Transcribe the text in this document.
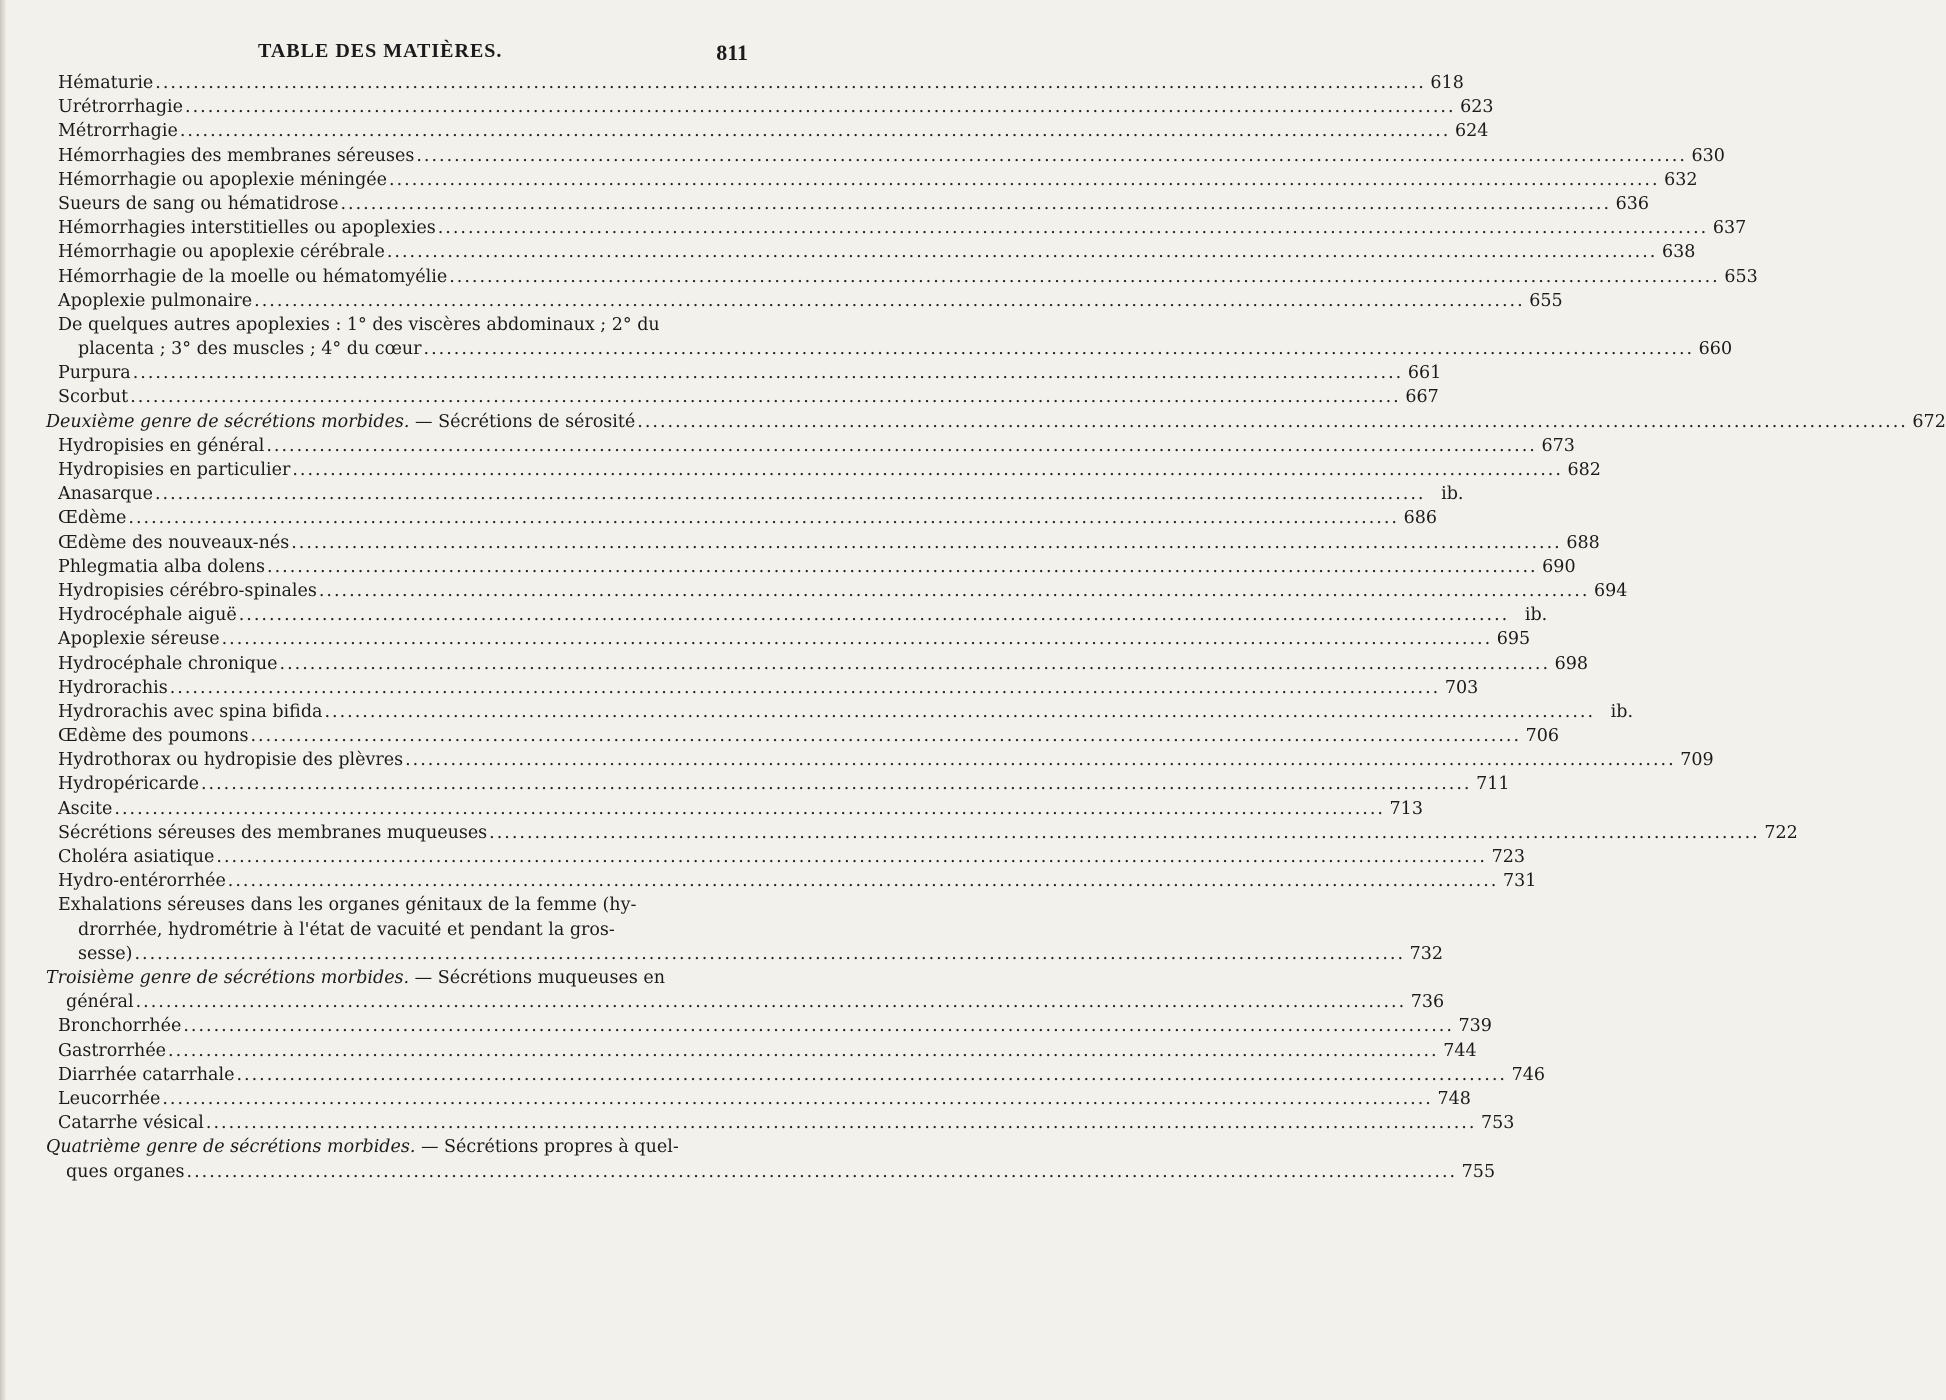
TABLE DES MATIÈRES.	811
Hématurie .....	618
Urétrorrhagie .....	623
Métrorrhagie .....	624
Hémorrhagies des membranes séreuses .....	630
Hémorrhagie ou apoplexie méningée .....	632
Sueurs de sang ou hématidrose .....	636
Hémorrhagies interstitielles ou apoplexies .....	637
Hémorrhagie ou apoplexie cérébrale .....	638
Hémorrhagie de la moelle ou hématomyélie .....	653
Apoplexie pulmonaire .....	655
De quelques autres apoplexies : 1° des viscères abdominaux ; 2° du
placenta ; 3° des muscles ; 4° du cœur .....	660
Purpura .....	661
Scorbut .....	667
Deuxième genre de sécrétions morbides. — Sécrétions de sérosité .....	672
Hydropisies en général .....	673
Hydropisies en particulier .....	682
Anasarque .....	ib.
Œdème .....	686
Œdème des nouveaux-nés .....	688
Phlegmatia alba dolens .....	690
Hydropisies cérébro-spinales .....	694
Hydrocéphale aiguë .....	ib.
Apoplexie séreuse .....	695
Hydrocéphale chronique .....	698
Hydrorachis .....	703
Hydrorachis avec spina bifida .....	ib.
Œdème des poumons .....	706
Hydrothorax ou hydropisie des plèvres .....	709
Hydropéricarde .....	711
Ascite .....	713
Sécrétions séreuses des membranes muqueuses .....	722
Choléra asiatique .....	723
Hydro-entérorrhée .....	731
Exhalations séreuses dans les organes génitaux de la femme (hy-
drorrhée, hydrométrie à l'état de vacuité et pendant la gros-
sesse) .....	732
Troisième genre de sécrétions morbides. — Sécrétions muqueuses en
général .....	736
Bronchorrhée .....	739
Gastrorrhée .....	744
Diarrhée catarrhale .....	746
Leucorrhée .....	748
Catarrhe vésical .....	753
Quatrième genre de sécrétions morbides. — Sécrétions propres à quel-
ques organes .....	755
